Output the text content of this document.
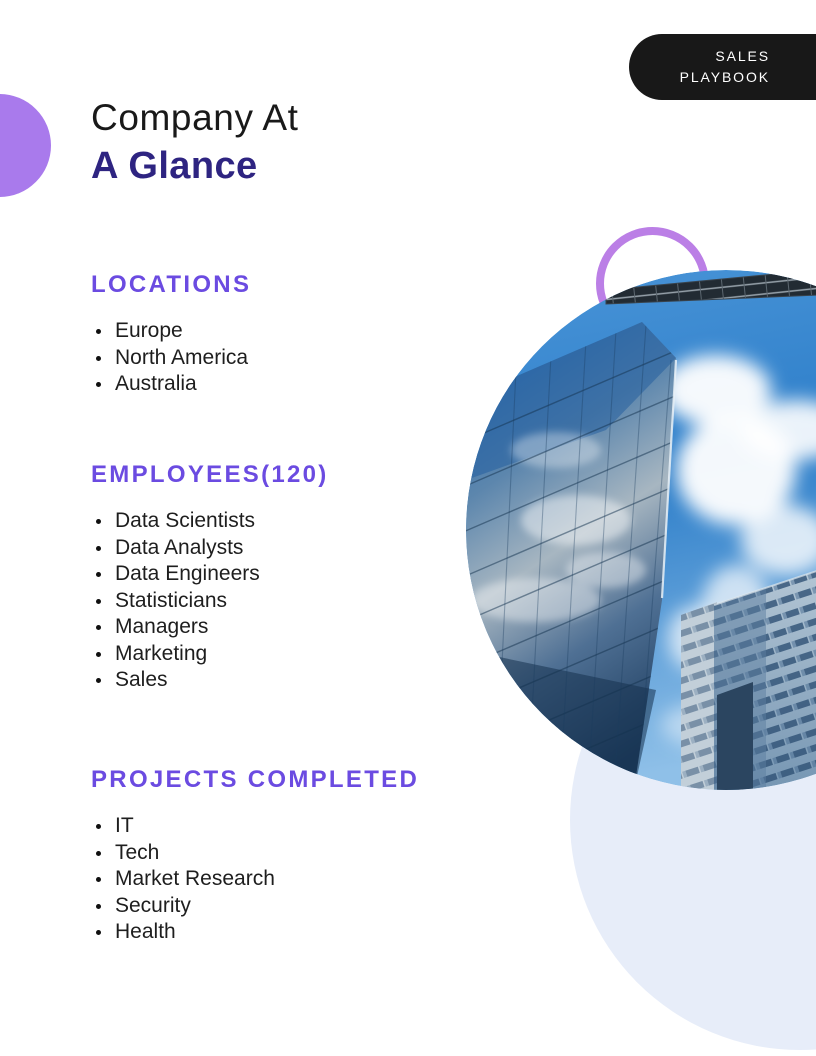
SALES
PLAYBOOK
Company At
A Glance
LOCATIONS
Europe
North America
Australia
EMPLOYEES(120)
Data Scientists
Data Analysts
Data Engineers
Statisticians
Managers
Marketing
Sales
PROJECTS COMPLETED
IT
Tech
Market Research
Security
Health
